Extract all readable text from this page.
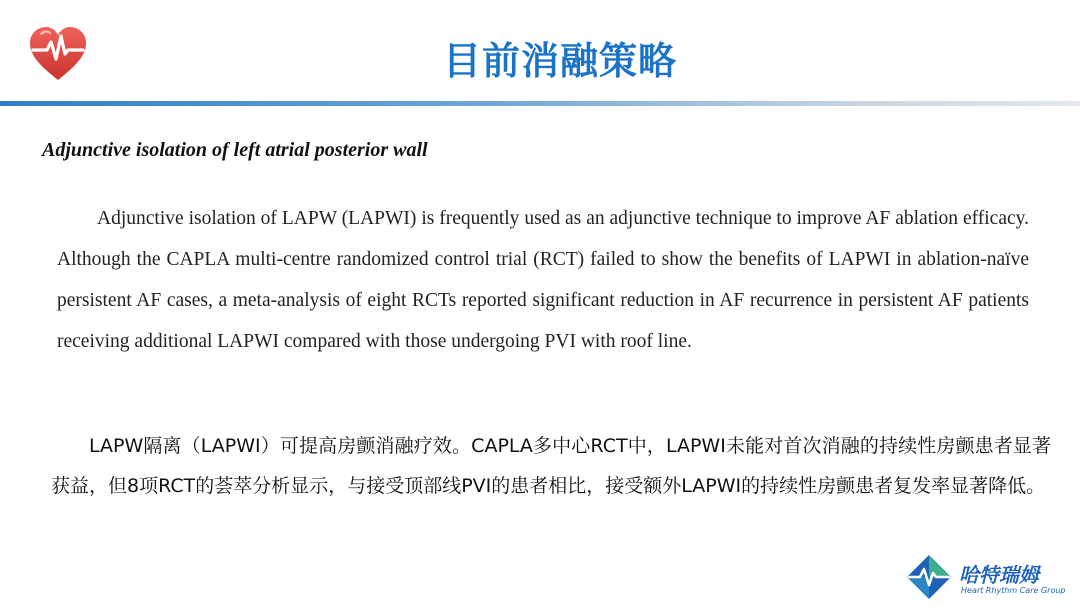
目前消融策略
Adjunctive isolation of left atrial posterior wall
Adjunctive isolation of LAPW (LAPWI) is frequently used as an adjunctive technique to improve AF ablation efficacy. Although the CAPLA multi-centre randomized control trial (RCT) failed to show the benefits of LAPWI in ablation-naïve persistent AF cases, a meta-analysis of eight RCTs reported significant reduction in AF recurrence in persistent AF patients receiving additional LAPWI compared with those undergoing PVI with roof line.
LAPW隔离（LAPWI）可提高房颤消融疗效。CAPLA多中心RCT中，LAPWI未能对首次消融的持续性房颤患者显著获益，但8项RCT的荟萃分析显示，与接受顶部线PVI的患者相比，接受额外LAPWI的持续性房颤患者复发率显著降低。
哈特瑞姆
Heart Rhythm Care Group
